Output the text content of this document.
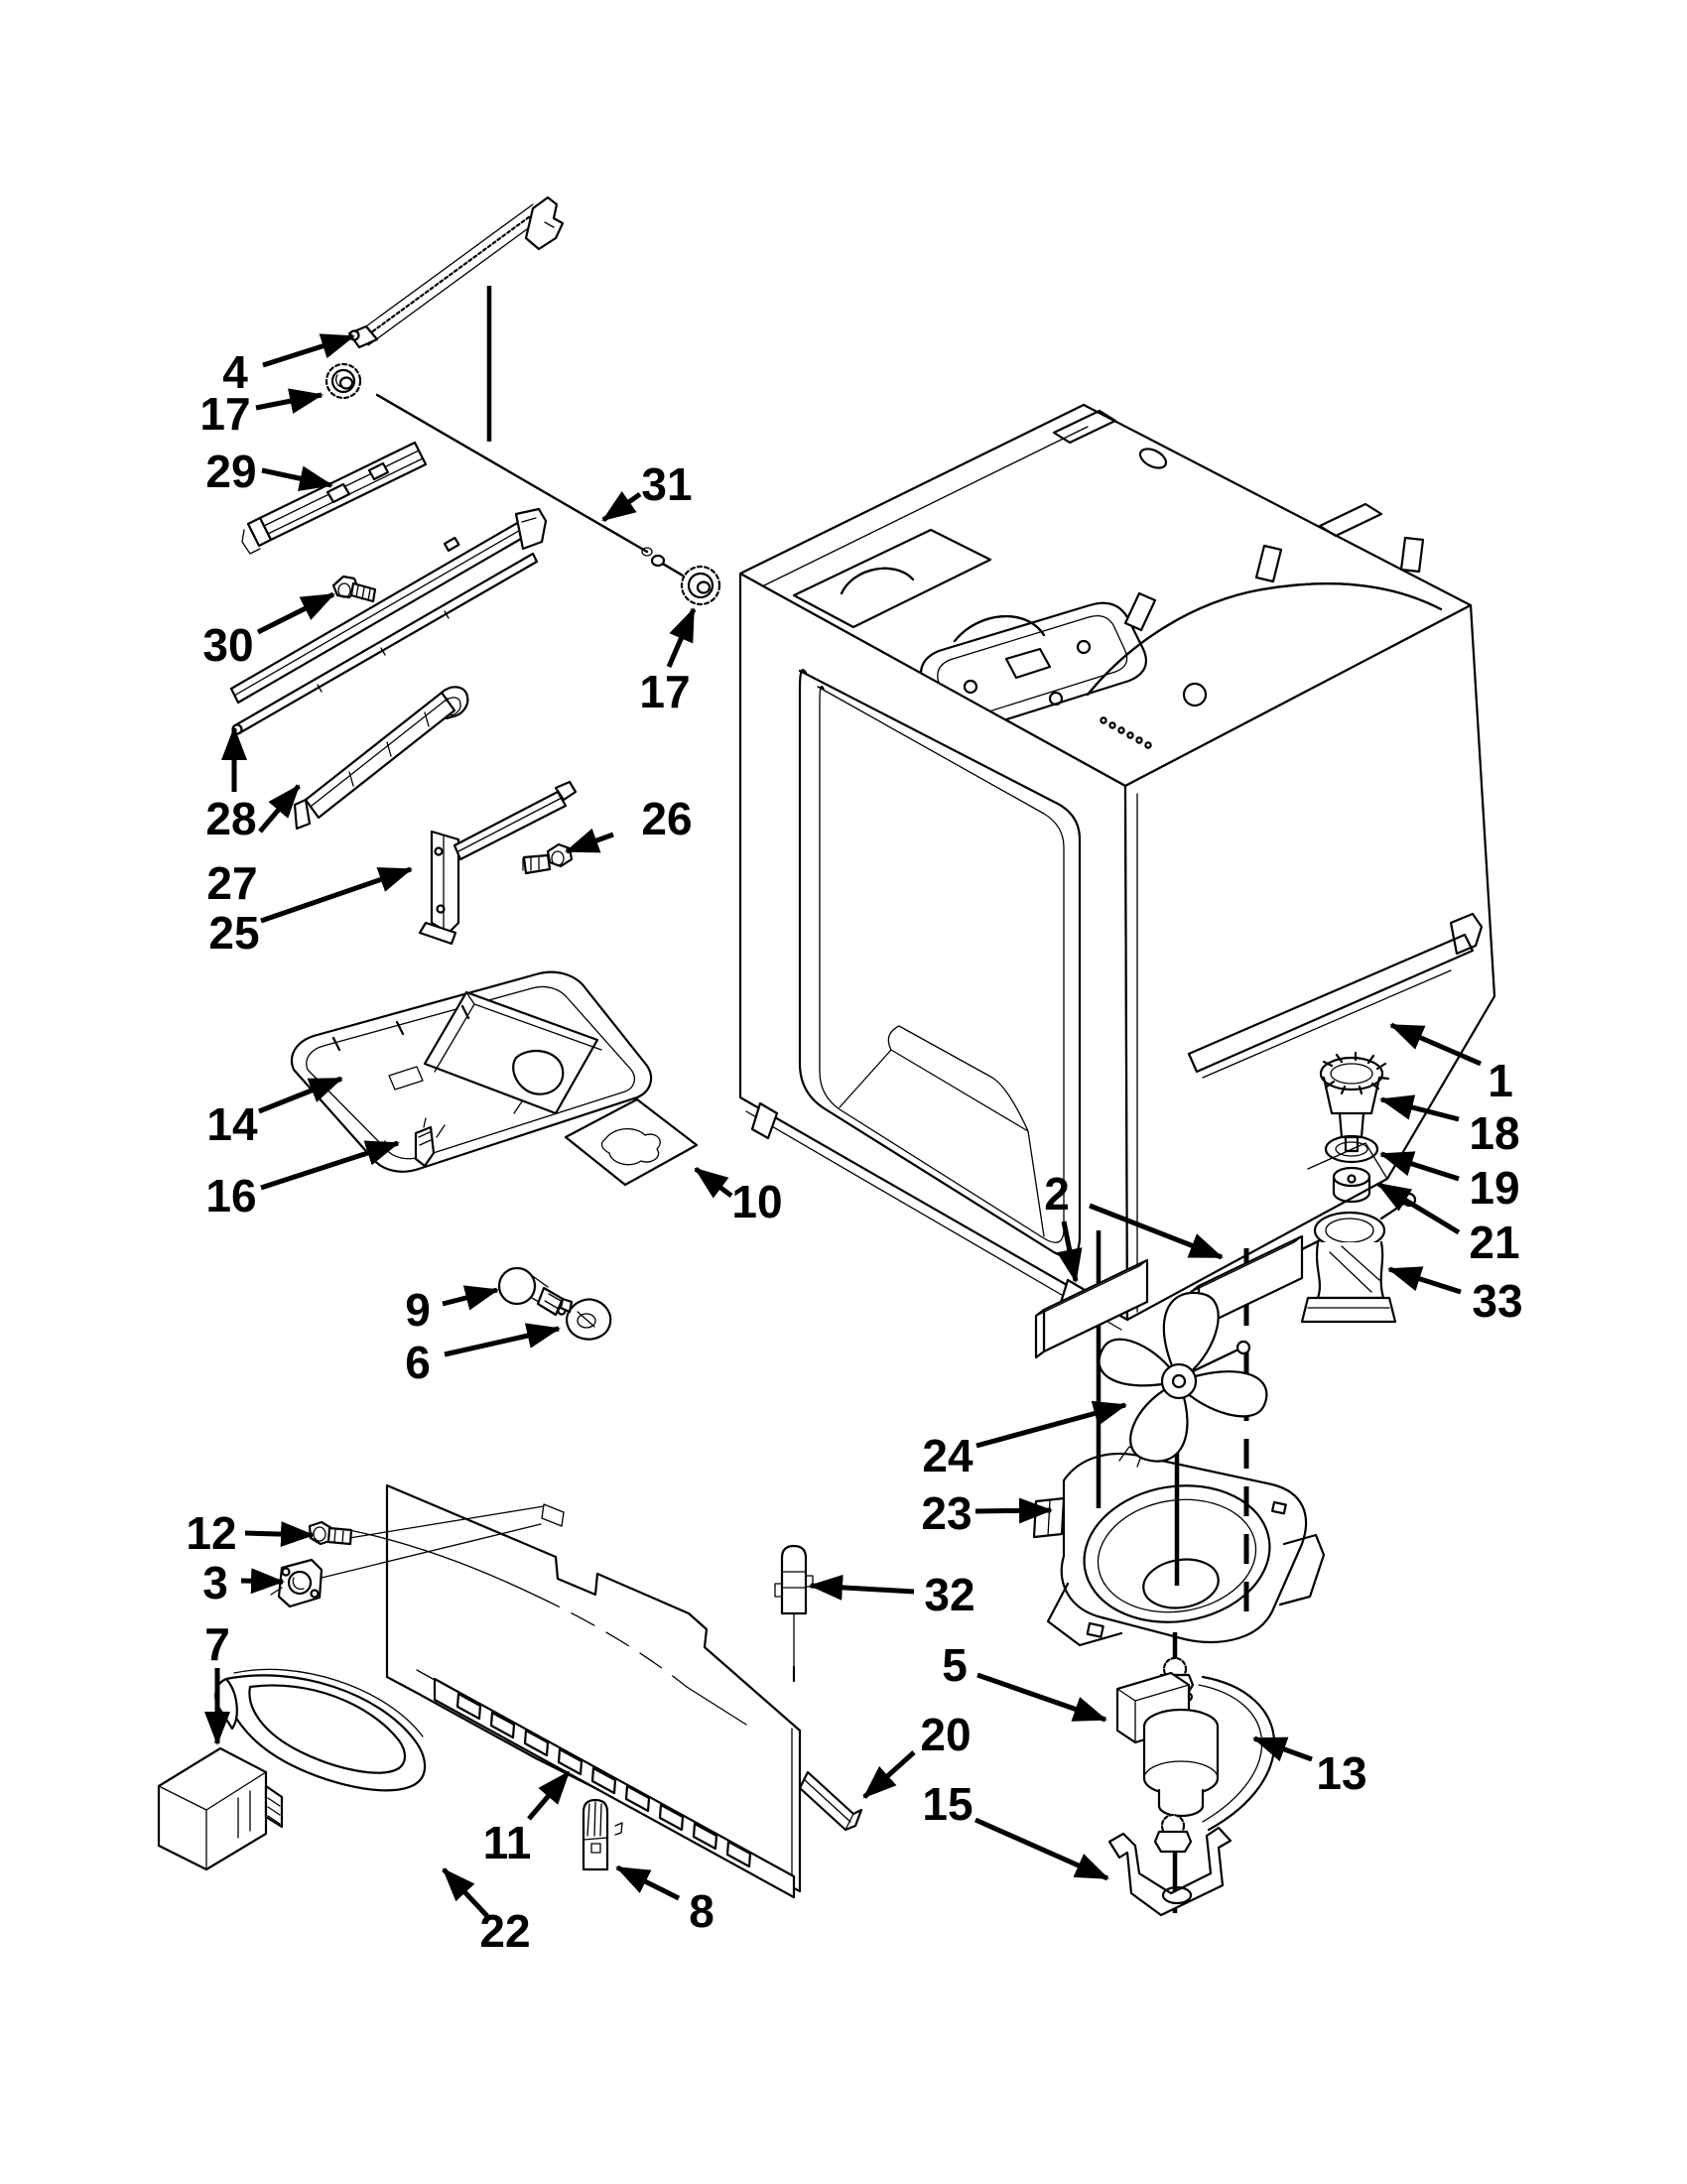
4
17
29	31
30
17
28
27
25
26
14
16	10
9
6
12
3
7
32
11
20
8
22
1
18
19
21
33
2
24
23
5
13
15
